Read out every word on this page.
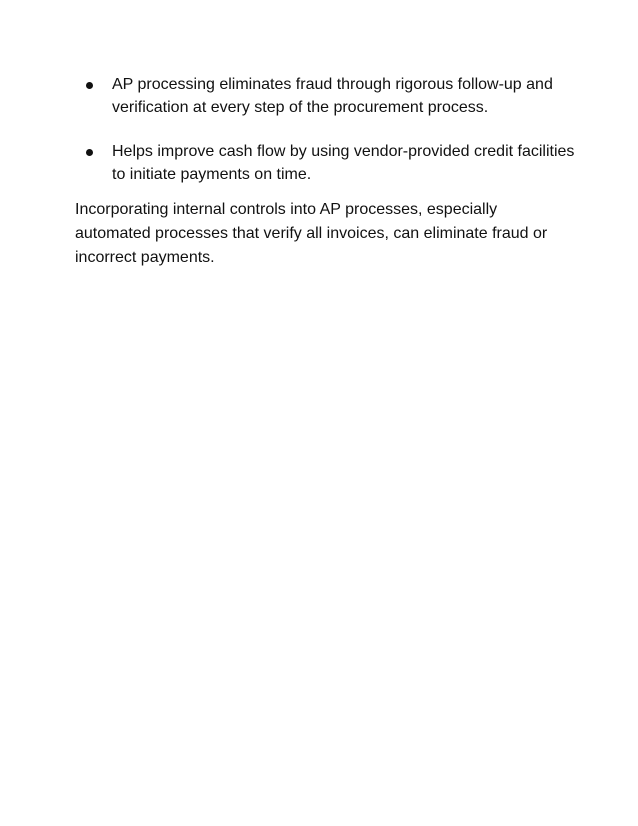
AP processing eliminates fraud through rigorous follow-up and verification at every step of the procurement process.
Helps improve cash flow by using vendor-provided credit facilities to initiate payments on time.

Incorporating internal controls into AP processes, especially automated processes that verify all invoices, can eliminate fraud or incorrect payments.
